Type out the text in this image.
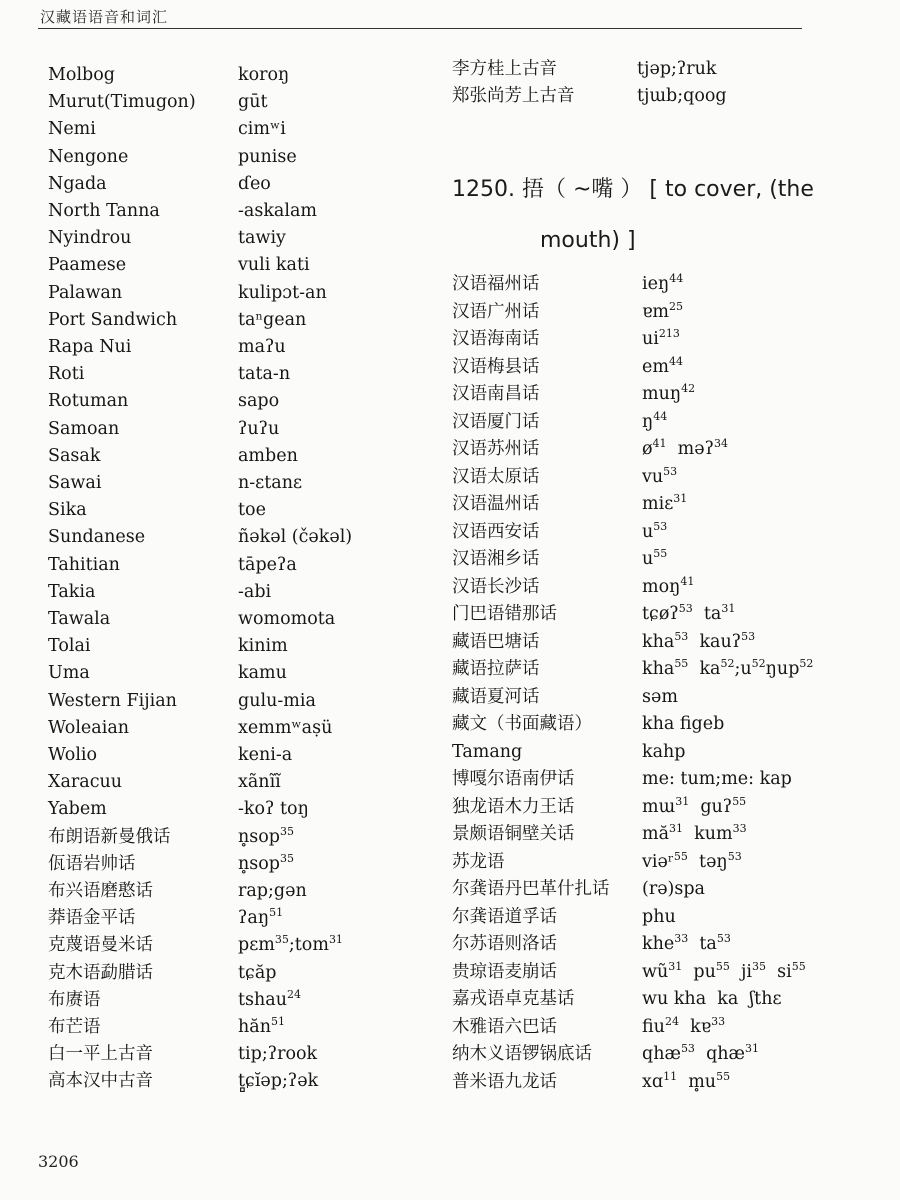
汉藏语语音和词汇
Molbog	koroŋ
Murut(Timugon) gūt
Nemi	cimʷi
Nengone	punise
Ngada	ɗeo
North Tanna	-askalam
Nyindrou	tawiy
Paamese	vuli kati
Palawan	kulipɔt-an
Port Sandwich	taⁿgean
Rapa Nui	maʔu
Roti	tata-n
Rotuman	sapo
Samoan	ʔuʔu
Sasak	amben
Sawai	n-ɛtanɛ
Sika	toe
Sundanese	ñəkəl (čəkəl)
Tahitian	tāpeʔa
Takia	-abi
Tawala	womomota
Tolai	kinim
Uma	kamu
Western Fijian	gulu-mia
Woleaian	xemmʷaṣü
Wolio	keni-a
Xaracuu	xãnĩĩ
Yabem	-koʔ toŋ
布朗语新曼俄话	n̥sop$^{35}$
佤语岩帅话	n̥sop$^{35}$
布兴语磨憨话	rap;gən
莽语金平话	ʔaŋ$^{51}$
克蔑语曼米话	pɛm$^{35}$;tom$^{31}$
克木语勐腊话	tɕăp
布赓语	tshau$^{24}$
布芒语	hăn$^{51}$
白一平上古音	tip;ʔrook
高本汉中古音	t̻ɕĭəp;ʔək
李方桂上古音	tjəp;ʔruk
郑张尚芳上古音	tjɯb;qoog
1250. 捂（ ~嘴 ） [ to cover, (the
mouth) ]
汉语福州话	ieŋ$^{44}$
汉语广州话	ɐm$^{25}$
汉语海南话	$ui^{213}$
汉语梅县话	$em^{44}$
汉语南昌话	muŋ$^{42}$
汉语厦门话	$ŋ^{44}$
汉语苏州话	$ø^{41}$  məʔ$^{34}$
汉语太原话	$vu^{53}$
汉语温州话	miɛ$^{31}$
汉语西安话	$u^{53}$
汉语湘乡话	$u^{55}$
汉语长沙话	moŋ$^{41}$
门巴语错那话	tɕøʔ$^{53}$  $ta^{31}$
藏语巴塘话	kha$^{53}$  kauʔ$^{53}$
藏语拉萨话	kha$^{55}$  $ka^{52};u^{52}ŋup^{52}$
藏语夏河话	səm
藏文（书面藏语）	kha figeb
Tamang	kahp
博嘎尔语南伊话	me: tum;me: kap
独龙语木力王话	mɯ$^{31}$  guʔ$^{55}$
景颇语铜壁关话	$mă^{31}$  kum$^{33}$
苏龙语	viəʳ$^{55}$  təŋ$^{53}$
尔龚语丹巴革什扎话 (rə)spa
尔龚语道孚话	phu
尔苏语则洛话	khe$^{33}$  $ta^{53}$
贵琼语麦崩话	$wũ^{31}$  $pu^{55}$  $ji^{35}$  $si^{55}$
嘉戎语卓克基话	wu kha  ka  ʃthɛ
木雅语六巴话	fiu$^{24}$  kɐ$^{33}$
纳木义语锣锅底话	qhæ$^{53}$  qhæ$^{31}$
普米语九龙话	xɑ$^{11}$  $m̥u^{55}$
3206
